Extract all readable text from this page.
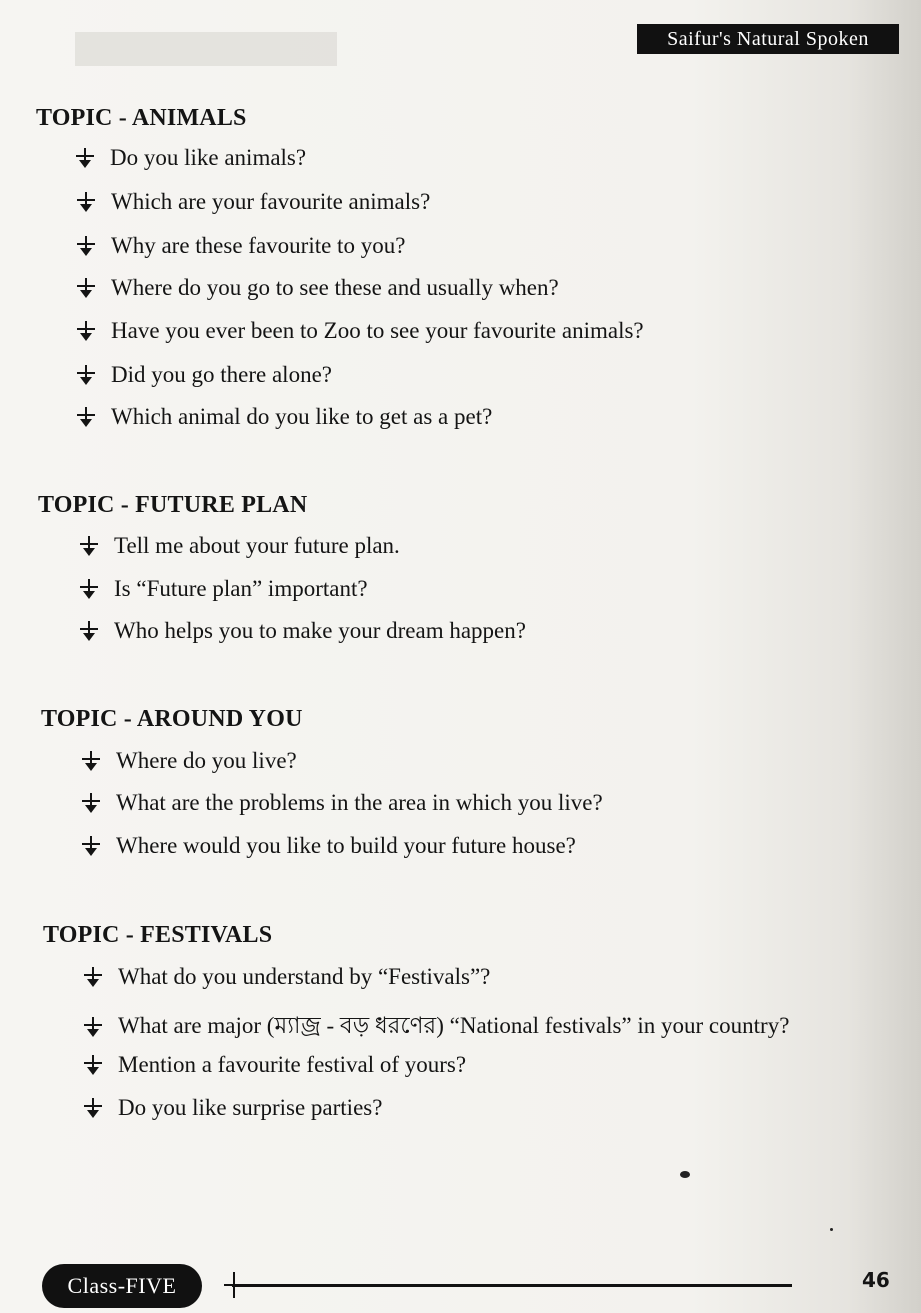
Saifur's Natural Spoken
TOPIC - ANIMALS
Do you like animals?
Which are your favourite animals?
Why are these favourite to you?
Where do you go to see these and usually when?
Have you ever been to Zoo to see your favourite animals?
Did you go there alone?
Which animal do you like to get as a pet?
TOPIC - FUTURE PLAN
Tell me about your future plan.
Is “Future plan” important?
Who helps you to make your dream happen?
TOPIC - AROUND YOU
Where do you live?
What are the problems in the area in which you live?
Where would you like to build your future house?
TOPIC - FESTIVALS
What do you understand by “Festivals”?
What are major (ম্যাজ্র - বড় ধরণের) “National festivals” in your country?
Mention a favourite festival of yours?
Do you like surprise parties?
Class-FIVE	46
